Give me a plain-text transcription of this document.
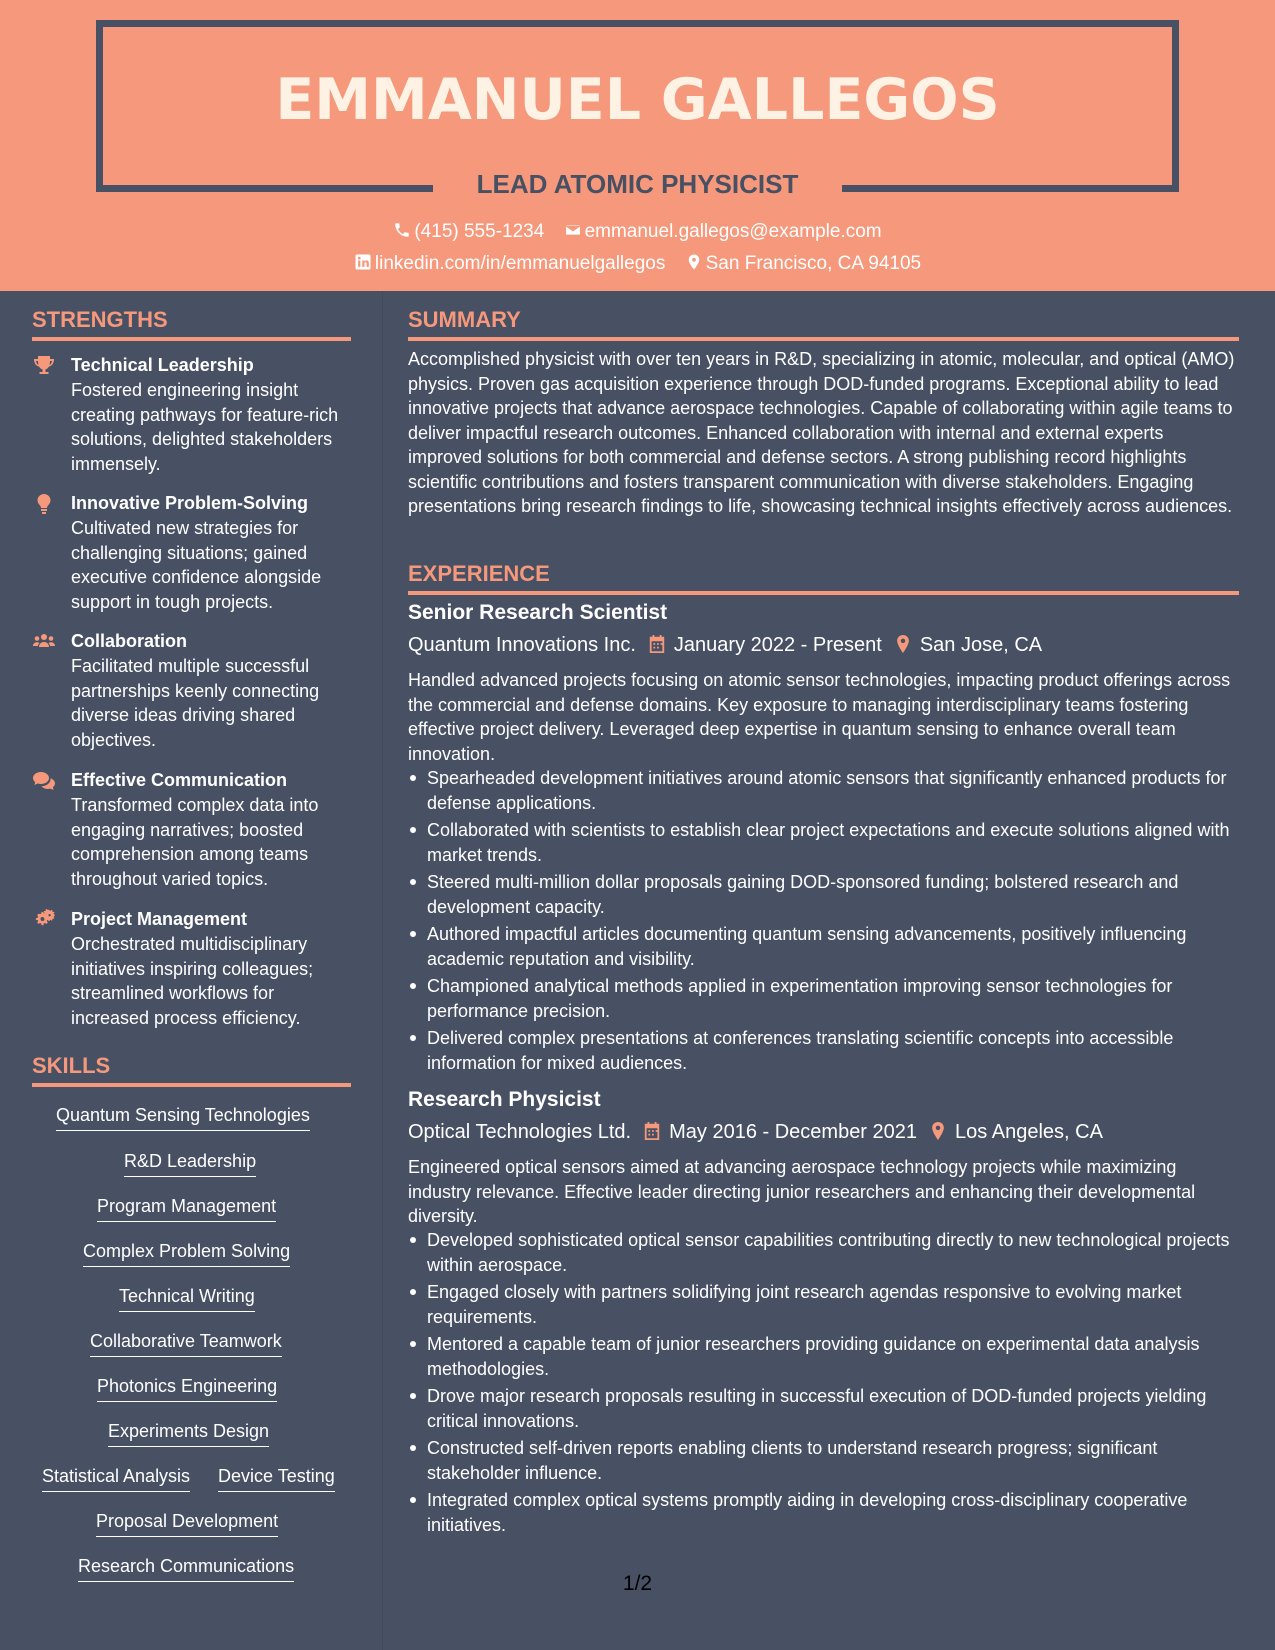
EMMANUEL GALLEGOS
LEAD ATOMIC PHYSICIST
(415) 555-1234 emmanuel.gallegos@example.com
linkedin.com/in/emmanuelgallegos San Francisco, CA 94105
STRENGTHS
Technical Leadership
Fostered engineering insight creating pathways for feature-rich solutions, delighted stakeholders immensely.
Innovative Problem-Solving
Cultivated new strategies for challenging situations; gained executive confidence alongside support in tough projects.
Collaboration
Facilitated multiple successful partnerships keenly connecting diverse ideas driving shared objectives.
Effective Communication
Transformed complex data into engaging narratives; boosted comprehension among teams throughout varied topics.
Project Management
Orchestrated multidisciplinary initiatives inspiring colleagues; streamlined workflows for increased process efficiency.
SKILLS
Quantum Sensing Technologies
R&D Leadership
Program Management
Complex Problem Solving
Technical Writing
Collaborative Teamwork
Photonics Engineering
Experiments Design
Statistical Analysis Device Testing
Proposal Development
Research Communications
SUMMARY
Accomplished physicist with over ten years in R&D, specializing in atomic, molecular, and optical (AMO) physics. Proven gas acquisition experience through DOD-funded programs. Exceptional ability to lead innovative projects that advance aerospace technologies. Capable of collaborating within agile teams to deliver impactful research outcomes. Enhanced collaboration with internal and external experts improved solutions for both commercial and defense sectors. A strong publishing record highlights scientific contributions and fosters transparent communication with diverse stakeholders. Engaging presentations bring research findings to life, showcasing technical insights effectively across audiences.
EXPERIENCE
Senior Research Scientist
Quantum Innovations Inc. January 2022 - Present San Jose, CA
Handled advanced projects focusing on atomic sensor technologies, impacting product offerings across the commercial and defense domains. Key exposure to managing interdisciplinary teams fostering effective project delivery. Leveraged deep expertise in quantum sensing to enhance overall team innovation.
Spearheaded development initiatives around atomic sensors that significantly enhanced products for defense applications.
Collaborated with scientists to establish clear project expectations and execute solutions aligned with market trends.
Steered multi-million dollar proposals gaining DOD-sponsored funding; bolstered research and development capacity.
Authored impactful articles documenting quantum sensing advancements, positively influencing academic reputation and visibility.
Championed analytical methods applied in experimentation improving sensor technologies for performance precision.
Delivered complex presentations at conferences translating scientific concepts into accessible information for mixed audiences.
Research Physicist
Optical Technologies Ltd. May 2016 - December 2021 Los Angeles, CA
Engineered optical sensors aimed at advancing aerospace technology projects while maximizing industry relevance. Effective leader directing junior researchers and enhancing their developmental diversity.
Developed sophisticated optical sensor capabilities contributing directly to new technological projects within aerospace.
Engaged closely with partners solidifying joint research agendas responsive to evolving market requirements.
Mentored a capable team of junior researchers providing guidance on experimental data analysis methodologies.
Drove major research proposals resulting in successful execution of DOD-funded projects yielding critical innovations.
Constructed self-driven reports enabling clients to understand research progress; significant stakeholder influence.
Integrated complex optical systems promptly aiding in developing cross-disciplinary cooperative initiatives.
1/2
